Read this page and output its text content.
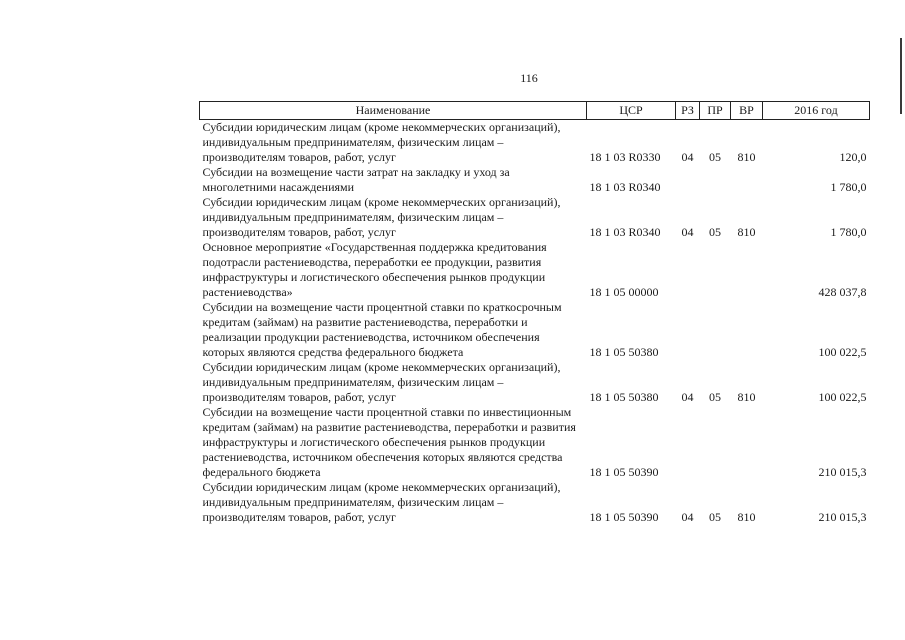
116
Наименование	ЦСР	РЗ	ПР	ВР	2016 год
Субсидии юридическим лицам (кроме некоммерческих организаций), индивидуальным предпринимателям, физическим лицам – производителям товаров, работ, услуг	18 1 03 R0330	04	05	810	120,0
Субсидии на возмещение части затрат на закладку и уход за многолетними насаждениями	18 1 03 R0340				1 780,0
Субсидии юридическим лицам (кроме некоммерческих организаций), индивидуальным предпринимателям, физическим лицам – производителям товаров, работ, услуг	18 1 03 R0340	04	05	810	1 780,0
Основное мероприятие «Государственная поддержка кредитования подотрасли растениеводства, переработки ее продукции, развития инфраструктуры и логистического обеспечения рынков продукции растениеводства»	18 1 05 00000				428 037,8
Субсидии на возмещение части процентной ставки по краткосрочным кредитам (займам) на развитие растениеводства, переработки и реализации продукции растениеводства, источником обеспечения которых являются средства федерального бюджета	18 1 05 50380				100 022,5
Субсидии юридическим лицам (кроме некоммерческих организаций), индивидуальным предпринимателям, физическим лицам – производителям товаров, работ, услуг	18 1 05 50380	04	05	810	100 022,5
Субсидии на возмещение части процентной ставки по инвестиционным кредитам (займам) на развитие растениеводства, переработки и развития инфраструктуры и логистического обеспечения рынков продукции растениеводства, источником обеспечения которых являются средства федерального бюджета	18 1 05 50390				210 015,3
Субсидии юридическим лицам (кроме некоммерческих организаций), индивидуальным предпринимателям, физическим лицам – производителям товаров, работ, услуг	18 1 05 50390	04	05	810	210 015,3
